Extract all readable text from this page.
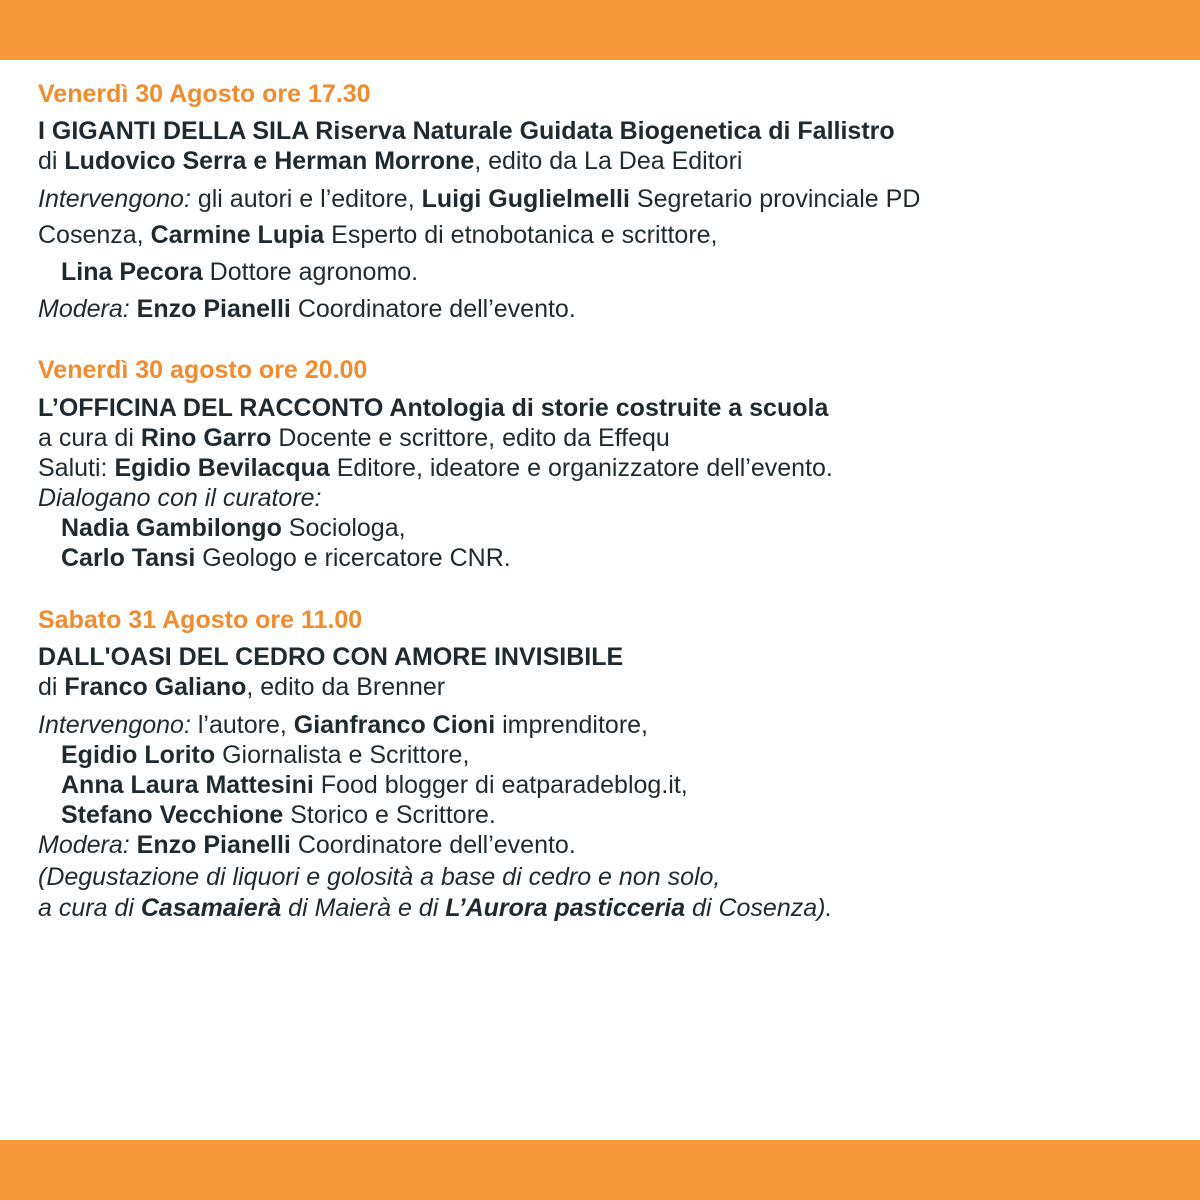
Venerdì 30 Agosto ore 17.30
I GIGANTI DELLA SILA Riserva Naturale Guidata Biogenetica di Fallistro
di Ludovico Serra e Herman Morrone, edito da La Dea Editori
Intervengono: gli autori e l’editore, Luigi Guglielmelli Segretario provinciale PD
Cosenza, Carmine Lupia Esperto di etnobotanica e scrittore,
Lina Pecora Dottore agronomo.
Modera: Enzo Pianelli Coordinatore dell’evento.
Venerdì 30 agosto ore 20.00
L’OFFICINA DEL RACCONTO Antologia di storie costruite a scuola
a cura di Rino Garro Docente e scrittore, edito da Effequ
Saluti: Egidio Bevilacqua Editore, ideatore e organizzatore dell’evento.
Dialogano con il curatore:
Nadia Gambilongo Sociologa,
Carlo Tansi Geologo e ricercatore CNR.
Sabato 31 Agosto ore 11.00
DALL'OASI DEL CEDRO CON AMORE INVISIBILE
di Franco Galiano, edito da Brenner
Intervengono: l’autore, Gianfranco Cioni imprenditore,
Egidio Lorito Giornalista e Scrittore,
Anna Laura Mattesini Food blogger di eatparadeblog.it,
Stefano Vecchione Storico e Scrittore.
Modera: Enzo Pianelli Coordinatore dell’evento.
(Degustazione di liquori e golosità a base di cedro e non solo,
a cura di Casamaierà di Maierà e di L’Aurora pasticceria di Cosenza).
